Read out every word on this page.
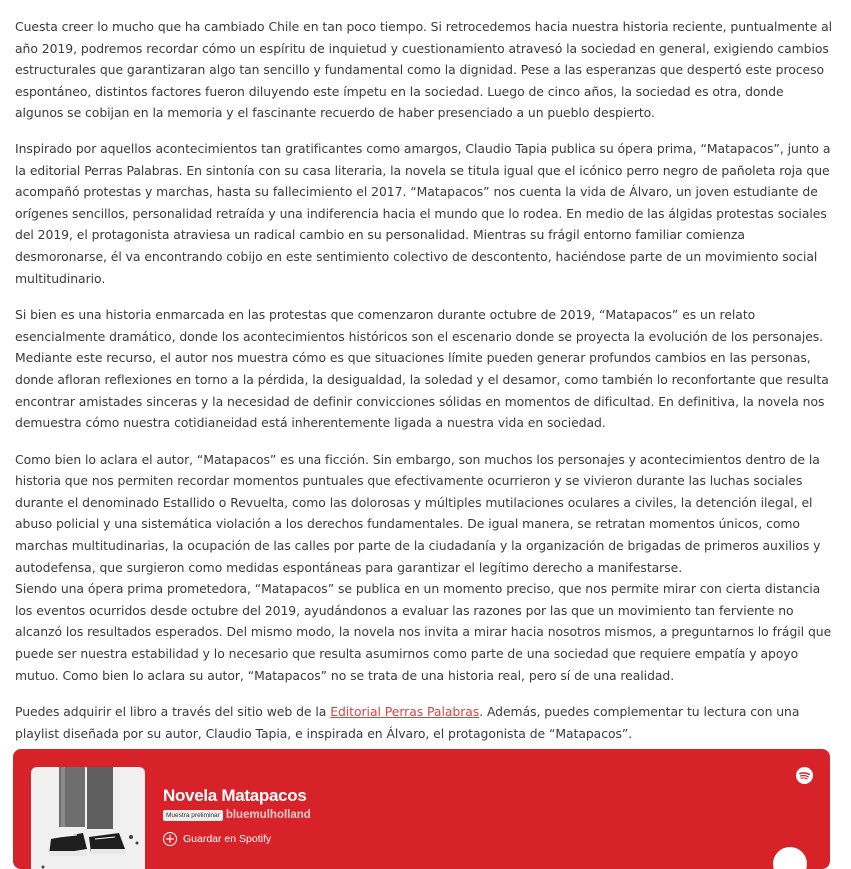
Cuesta creer lo mucho que ha cambiado Chile en tan poco tiempo. Si retrocedemos hacia nuestra historia reciente, puntualmente al año 2019, podremos recordar cómo un espíritu de inquietud y cuestionamiento atravesó la sociedad en general, exigiendo cambios estructurales que garantizaran algo tan sencillo y fundamental como la dignidad. Pese a las esperanzas que despertó este proceso espontáneo, distintos factores fueron diluyendo este ímpetu en la sociedad. Luego de cinco años, la sociedad es otra, donde algunos se cobijan en la memoria y el fascinante recuerdo de haber presenciado a un pueblo despierto.

Inspirado por aquellos acontecimientos tan gratificantes como amargos, Claudio Tapia publica su ópera prima, “Matapacos”, junto a la editorial Perras Palabras. En sintonía con su casa literaria, la novela se titula igual que el icónico perro negro de pañoleta roja que acompañó protestas y marchas, hasta su fallecimiento el 2017. “Matapacos” nos cuenta la vida de Álvaro, un joven estudiante de orígenes sencillos, personalidad retraída y una indiferencia hacia el mundo que lo rodea. En medio de las álgidas protestas sociales del 2019, el protagonista atraviesa un radical cambio en su personalidad. Mientras su frágil entorno familiar comienza desmoronarse, él va encontrando cobijo en este sentimiento colectivo de descontento, haciéndose parte de un movimiento social multitudinario.

Si bien es una historia enmarcada en las protestas que comenzaron durante octubre de 2019, “Matapacos” es un relato esencialmente dramático, donde los acontecimientos históricos son el escenario donde se proyecta la evolución de los personajes. Mediante este recurso, el autor nos muestra cómo es que situaciones límite pueden generar profundos cambios en las personas, donde afloran reflexiones en torno a la pérdida, la desigualdad, la soledad y el desamor, como también lo reconfortante que resulta encontrar amistades sinceras y la necesidad de definir convicciones sólidas en momentos de dificultad. En definitiva, la novela nos demuestra cómo nuestra cotidianeidad está inherentemente ligada a nuestra vida en sociedad.

Como bien lo aclara el autor, “Matapacos” es una ficción. Sin embargo, son muchos los personajes y acontecimientos dentro de la historia que nos permiten recordar momentos puntuales que efectivamente ocurrieron y se vivieron durante las luchas sociales durante el denominado Estallido o Revuelta, como las dolorosas y múltiples mutilaciones oculares a civiles, la detención ilegal, el abuso policial y una sistemática violación a los derechos fundamentales. De igual manera, se retratan momentos únicos, como marchas multitudinarias, la ocupación de las calles por parte de la ciudadanía y la organización de brigadas de primeros auxilios y autodefensa, que surgieron como medidas espontáneas para garantizar el legítimo derecho a manifestarse.

Siendo una ópera prima prometedora, “Matapacos” se publica en un momento preciso, que nos permite mirar con cierta distancia los eventos ocurridos desde octubre del 2019, ayudándonos a evaluar las razones por las que un movimiento tan ferviente no alcanzó los resultados esperados. Del mismo modo, la novela nos invita a mirar hacia nosotros mismos, a preguntarnos lo frágil que puede ser nuestra estabilidad y lo necesario que resulta asumirnos como parte de una sociedad que requiere empatía y apoyo mutuo. Como bien lo aclara su autor, “Matapacos” no se trata de una historia real, pero sí de una realidad.

Puedes adquirir el libro a través del sitio web de la Editorial Perras Palabras. Además, puedes complementar tu lectura con una playlist diseñada por su autor, Claudio Tapia, e inspirada en Álvaro, el protagonista de “Matapacos”.

Novela Matapacos
Muestra preliminar bluemulholland
+ Guardar en Spotify
